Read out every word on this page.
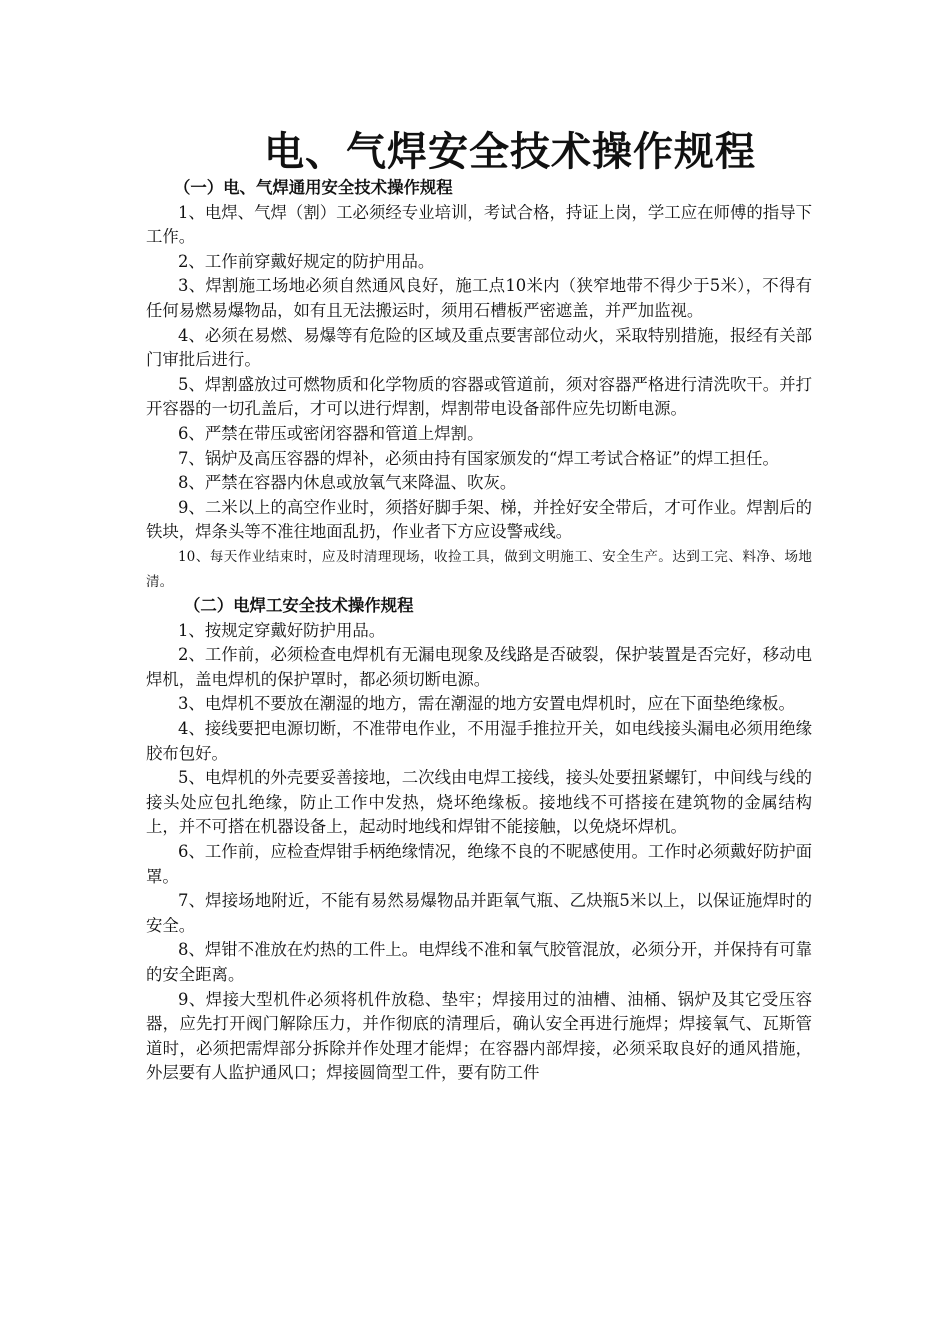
电、气焊安全技术操作规程

（一）电、气焊通用安全技术操作规程

1、电焊、气焊（割）工必须经专业培训，考试合格，持证上岗，学工应在师傅的指导下工作。

2、工作前穿戴好规定的防护用品。

3、焊割施工场地必须自然通风良好，施工点10米内（狭窄地带不得少于5米），不得有任何易燃易爆物品，如有且无法搬运时，须用石槽板严密遮盖，并严加监视。

4、必须在易燃、易爆等有危险的区域及重点要害部位动火，采取特别措施，报经有关部门审批后进行。

5、焊割盛放过可燃物质和化学物质的容器或管道前，须对容器严格进行清洗吹干。并打开容器的一切孔盖后，才可以进行焊割，焊割带电设备部件应先切断电源。

6、严禁在带压或密闭容器和管道上焊割。

7、锅炉及高压容器的焊补，必须由持有国家颁发的“焊工考试合格证”的焊工担任。

8、严禁在容器内休息或放氧气来降温、吹灰。

9、二米以上的高空作业时，须搭好脚手架、梯，并拴好安全带后，才可作业。焊割后的铁块，焊条头等不准往地面乱扔，作业者下方应设警戒线。

10、每天作业结束时，应及时清理现场，收捡工具，做到文明施工、安全生产。达到工完、料净、场地清。

（二）电焊工安全技术操作规程

1、按规定穿戴好防护用品。

2、工作前，必须检查电焊机有无漏电现象及线路是否破裂，保护装置是否完好，移动电焊机，盖电焊机的保护罩时，都必须切断电源。

3、电焊机不要放在潮湿的地方，需在潮湿的地方安置电焊机时，应在下面垫绝缘板。

4、接线要把电源切断，不准带电作业，不用湿手推拉开关，如电线接头漏电必须用绝缘胶布包好。

5、电焊机的外壳要妥善接地，二次线由电焊工接线，接头处要扭紧螺钉，中间线与线的接头处应包扎绝缘，防止工作中发热，烧坏绝缘板。接地线不可搭接在建筑物的金属结构上，并不可搭在机器设备上，起动时地线和焊钳不能接触，以免烧坏焊机。

6、工作前，应检查焊钳手柄绝缘情况，绝缘不良的不昵感使用。工作时必须戴好防护面罩。

7、焊接场地附近，不能有易然易爆物品并距氧气瓶、乙炔瓶5米以上，以保证施焊时的安全。

8、焊钳不准放在灼热的工件上。电焊线不准和氧气胶管混放，必须分开，并保持有可靠的安全距离。

9、焊接大型机件必须将机件放稳、垫牢；焊接用过的油槽、油桶、锅炉及其它受压容器，应先打开阀门解除压力，并作彻底的清理后，确认安全再进行施焊；焊接氧气、瓦斯管道时，必须把需焊部分拆除并作处理才能焊；在容器内部焊接，必须采取良好的通风措施，外层要有人监护通风口；焊接圆筒型工件，要有防工件
